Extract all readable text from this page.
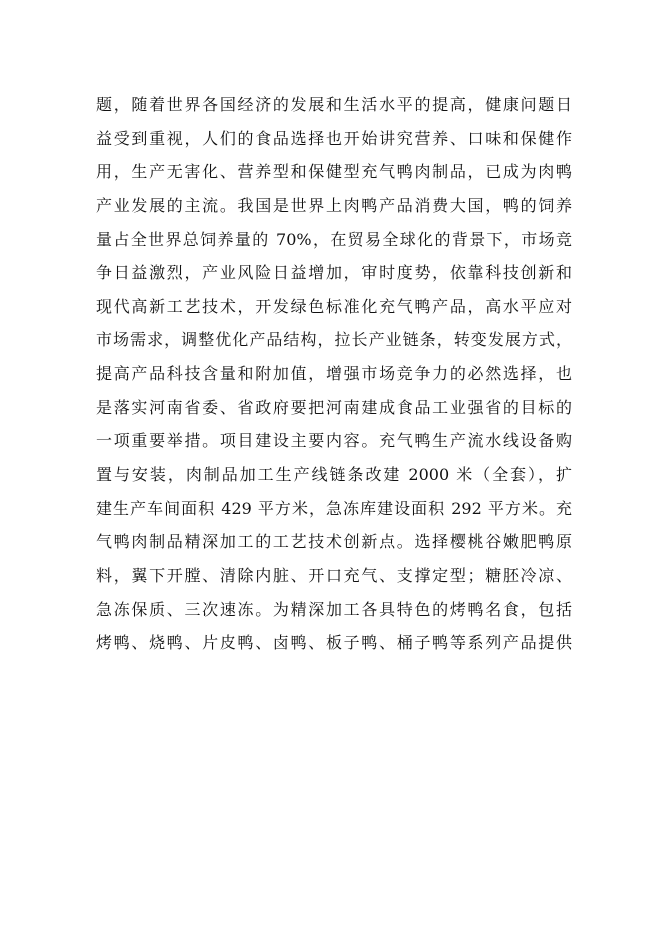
题，随着世界各国经济的发展和生活水平的提高，健康问题日
益受到重视，人们的食品选择也开始讲究营养、口味和保健作
用，生产无害化、营养型和保健型充气鸭肉制品，已成为肉鸭
产业发展的主流。我国是世界上肉鸭产品消费大国，鸭的饲养
量占全世界总饲养量的 70%，在贸易全球化的背景下，市场竞
争日益激烈，产业风险日益增加，审时度势，依靠科技创新和
现代高新工艺技术，开发绿色标准化充气鸭产品，高水平应对
市场需求，调整优化产品结构，拉长产业链条，转变发展方式，
提高产品科技含量和附加值，增强市场竞争力的必然选择，也
是落实河南省委、省政府要把河南建成食品工业强省的目标的
一项重要举措。项目建设主要内容。充气鸭生产流水线设备购
置与安装，肉制品加工生产线链条改建 2000 米（全套），扩
建生产车间面积 429 平方米，急冻库建设面积 292 平方米。充
气鸭肉制品精深加工的工艺技术创新点。选择樱桃谷嫩肥鸭原
料，翼下开膛、清除内脏、开口充气、支撑定型；糖胚冷凉、
急冻保质、三次速冻。为精深加工各具特色的烤鸭名食，包括
烤鸭、烧鸭、片皮鸭、卤鸭、板子鸭、桶子鸭等系列产品提供
